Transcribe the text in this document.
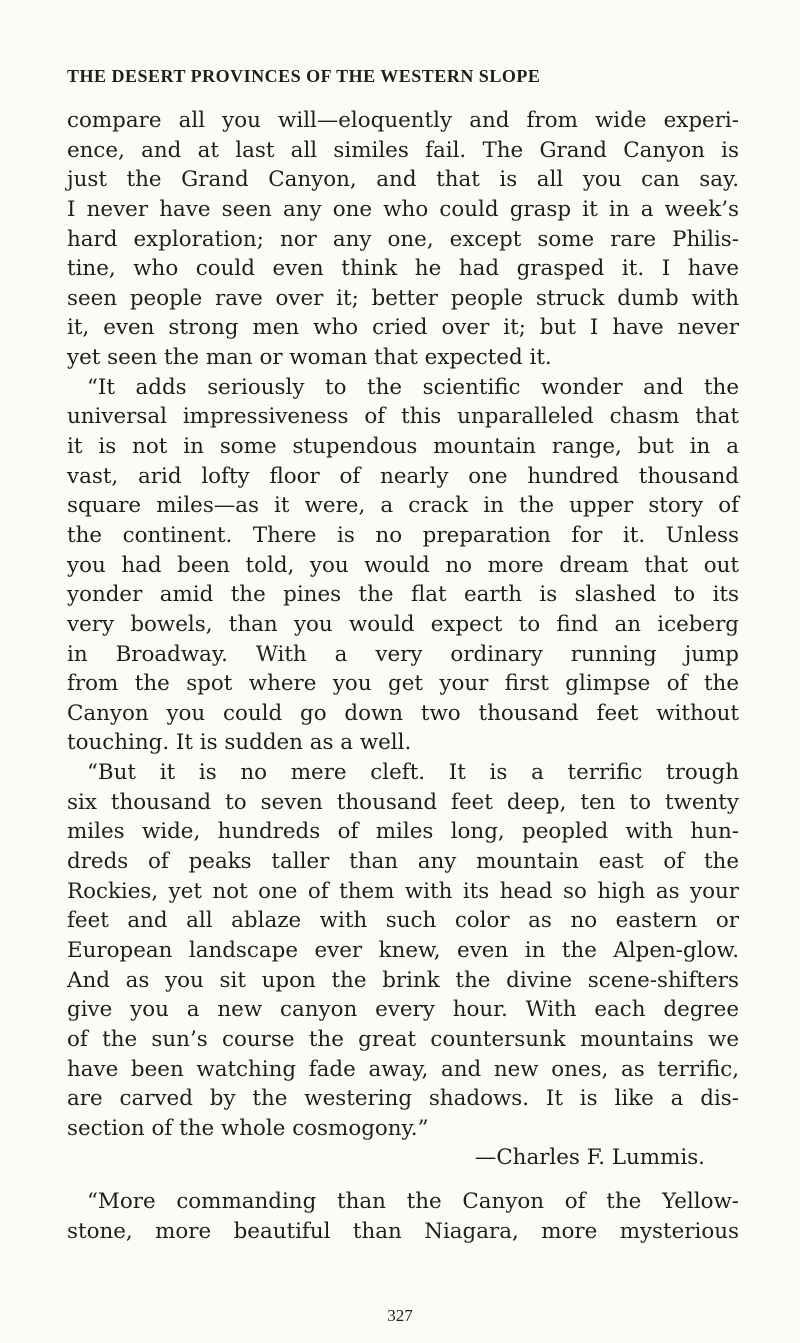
THE DESERT PROVINCES OF THE WESTERN SLOPE
compare all you will—eloquently and from wide experi-
ence, and at last all similes fail. The Grand Canyon is
just the Grand Canyon, and that is all you can say.
I never have seen any one who could grasp it in a week’s
hard exploration; nor any one, except some rare Philis-
tine, who could even think he had grasped it. I have
seen people rave over it; better people struck dumb with
it, even strong men who cried over it; but I have never
yet seen the man or woman that expected it.
“It adds seriously to the scientific wonder and the
universal impressiveness of this unparalleled chasm that
it is not in some stupendous mountain range, but in a
vast, arid lofty floor of nearly one hundred thousand
square miles—as it were, a crack in the upper story of
the continent. There is no preparation for it. Unless
you had been told, you would no more dream that out
yonder amid the pines the flat earth is slashed to its
very bowels, than you would expect to find an iceberg
in Broadway. With a very ordinary running jump
from the spot where you get your first glimpse of the
Canyon you could go down two thousand feet without
touching. It is sudden as a well.
“But it is no mere cleft. It is a terrific trough
six thousand to seven thousand feet deep, ten to twenty
miles wide, hundreds of miles long, peopled with hun-
dreds of peaks taller than any mountain east of the
Rockies, yet not one of them with its head so high as your
feet and all ablaze with such color as no eastern or
European landscape ever knew, even in the Alpen-glow.
And as you sit upon the brink the divine scene-shifters
give you a new canyon every hour. With each degree
of the sun’s course the great countersunk mountains we
have been watching fade away, and new ones, as terrific,
are carved by the westering shadows. It is like a dis-
section of the whole cosmogony.”
—Charles F. Lummis.
“More commanding than the Canyon of the Yellow-
stone, more beautiful than Niagara, more mysterious
327
